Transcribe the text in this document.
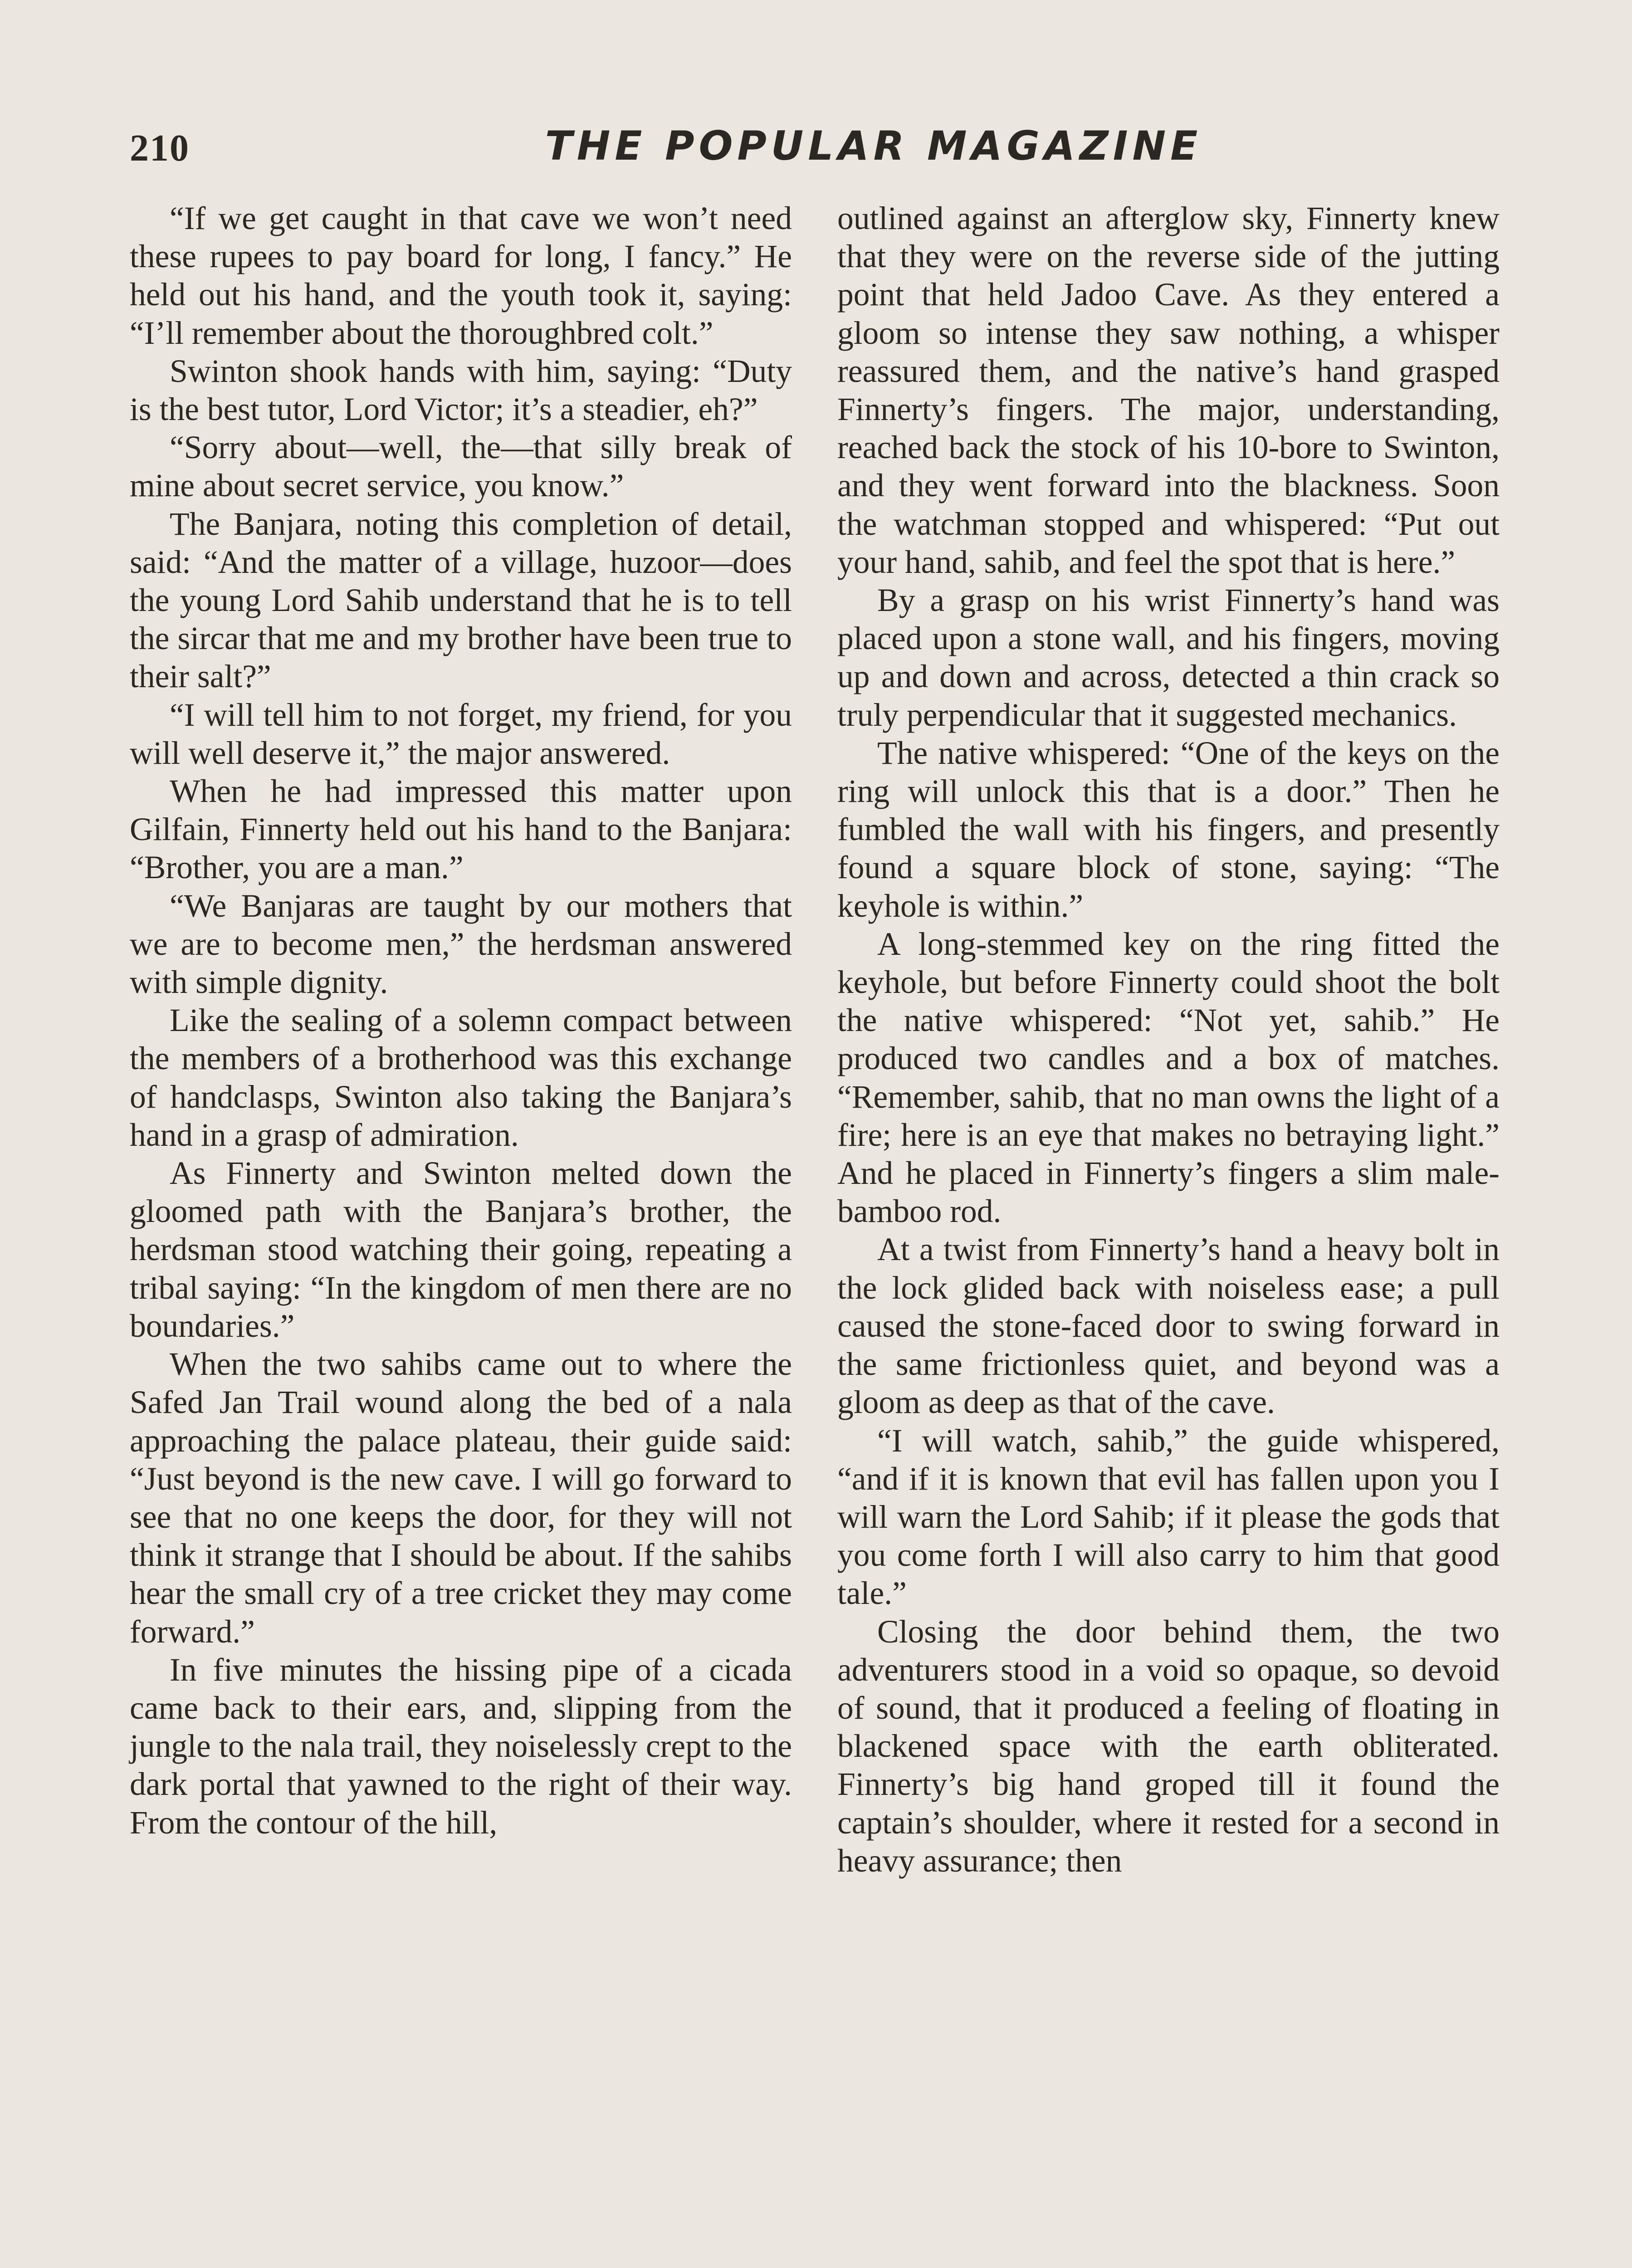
210	THE POPULAR MAGAZINE

“If we get caught in that cave we won’t need these rupees to pay board for long, I fancy.” He held out his hand, and the youth took it, saying: “I’ll remember about the thoroughbred colt.”

Swinton shook hands with him, saying: “Duty is the best tutor, Lord Victor; it’s a steadier, eh?”

“Sorry about—well, the—that silly break of mine about secret service, you know.”

The Banjara, noting this completion of detail, said: “And the matter of a village, huzoor—does the young Lord Sahib understand that he is to tell the sircar that me and my brother have been true to their salt?”

“I will tell him to not forget, my friend, for you will well deserve it,” the major answered.

When he had impressed this matter upon Gilfain, Finnerty held out his hand to the Banjara: “Brother, you are a man.”

“We Banjaras are taught by our mothers that we are to become men,” the herdsman answered with simple dignity.

Like the sealing of a solemn compact between the members of a brotherhood was this exchange of handclasps, Swinton also taking the Banjara’s hand in a grasp of admiration.

As Finnerty and Swinton melted down the gloomed path with the Banjara’s brother, the herdsman stood watching their going, repeating a tribal saying: “In the kingdom of men there are no boundaries.”

When the two sahibs came out to where the Safed Jan Trail wound along the bed of a nala approaching the palace plateau, their guide said: “Just beyond is the new cave. I will go forward to see that no one keeps the door, for they will not think it strange that I should be about. If the sahibs hear the small cry of a tree cricket they may come forward.”

In five minutes the hissing pipe of a cicada came back to their ears, and, slipping from the jungle to the nala trail, they noiselessly crept to the dark portal that yawned to the right of their way. From the contour of the hill,

outlined against an afterglow sky, Finnerty knew that they were on the reverse side of the jutting point that held Jadoo Cave. As they entered a gloom so intense they saw nothing, a whisper reassured them, and the native’s hand grasped Finnerty’s fingers. The major, understanding, reached back the stock of his 10-bore to Swinton, and they went forward into the blackness. Soon the watchman stopped and whispered: “Put out your hand, sahib, and feel the spot that is here.”

By a grasp on his wrist Finnerty’s hand was placed upon a stone wall, and his fingers, moving up and down and across, detected a thin crack so truly perpendicular that it suggested mechanics.

The native whispered: “One of the keys on the ring will unlock this that is a door.” Then he fumbled the wall with his fingers, and presently found a square block of stone, saying: “The keyhole is within.”

A long-stemmed key on the ring fitted the keyhole, but before Finnerty could shoot the bolt the native whispered: “Not yet, sahib.” He produced two candles and a box of matches. “Remember, sahib, that no man owns the light of a fire; here is an eye that makes no betraying light.” And he placed in Finnerty’s fingers a slim male-bamboo rod.

At a twist from Finnerty’s hand a heavy bolt in the lock glided back with noiseless ease; a pull caused the stone-faced door to swing forward in the same frictionless quiet, and beyond was a gloom as deep as that of the cave.

“I will watch, sahib,” the guide whispered, “and if it is known that evil has fallen upon you I will warn the Lord Sahib; if it please the gods that you come forth I will also carry to him that good tale.”

Closing the door behind them, the two adventurers stood in a void so opaque, so devoid of sound, that it produced a feeling of floating in blackened space with the earth obliterated. Finnerty’s big hand groped till it found the captain’s shoulder, where it rested for a second in heavy assurance; then
